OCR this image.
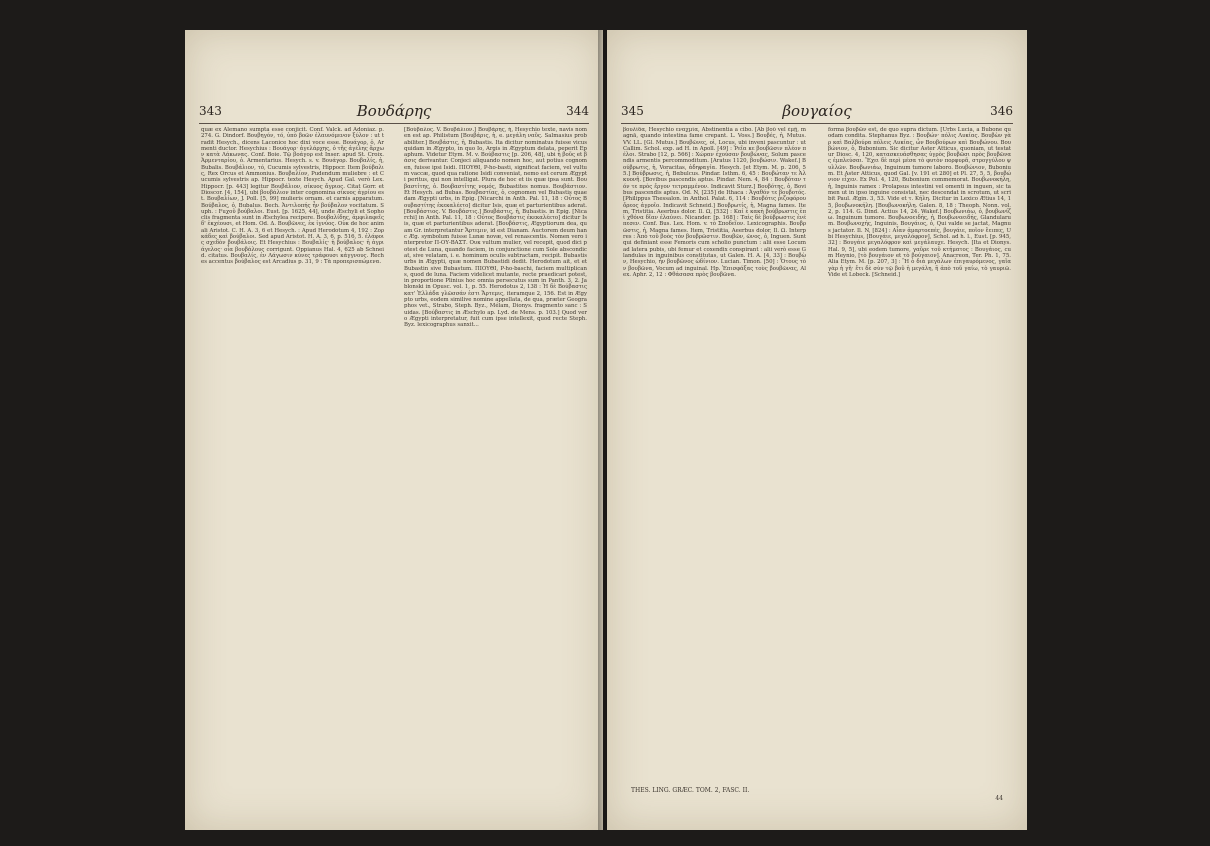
343	Βουδάρης	344
quæ ex Alemano sumpta esse conjicit. Conf. Valck. ad Adoniaz. p. 274. G. Dindorf. Βουβηγόν, τό, ὑπὸ βοῶν ἐλαυνόμενον ξύλον : ut tradit Hesych., dicens Laconice hoc dixi voce esse. Βουάγορ, ὁ, Armenti ductor. Hesychius : Βουάγορ· ἀγελάρχης, ὁ τῆς ἀγέλης ἄρχων κατὰ Λάκωνας. Conf. Boie. Τῷ βοάγορ est Inser. apud St. Croix. Ἀρμενταρίου, ὁ. Armentarius. Hesych. s. v. Βουάγορ. Βουβαλίς, ἡ, Bubalis. Βουβάλιον, τό, Cucumis sylvestris, Hippocr. Item βούβαλις, Rex Orcus et Ammonius. Βουβαλίον, Pudendum muliebre : et Cucumis sylvestris ap. Hippocr. texte Hesych. Apud Gal. verò Lex. Hippocr. [p. 443] legitur Βουβάλιον, σίκυος ἄγριος. Citat Gorr. et Dioscor. [4, 154], ubi βουβάλιον inter cognomina σίκυος ἀγρίου est. Βουβαλίων, J. Poll. [5, 99] mulieris ornam. et carnis apparatum. Βούβαλος, ὁ, Bubalus. Bech. Ἀντιλοπής ἦν βούβαλον vocitatum. Suph. : Fuχοῦ βούβαλοι. Eust. [p. 1625, 44], unde Æschyli et Sophoclis fragmenta sunt in Æschylea recipere. Βουβαλίδης, ἀμφιλαφεῖς δ' ἐκχέουσι, et Hom. Od. Δ. Βουβῶνες, ἐκ ἰγνύος. Οὐκ de hoc animali Aristot. C. H. A. 3, 6 et Hesych. : Apud Herodotum 4, 192 : Ζορκάδες καὶ βούβαλοι. Sed apud Aristot. H. A. 3, 6, p. 516, 5. ἐλάφοις σχεδὸν βουβάλοις. Et Hesychius : Βουβαλίς· ἡ βούβαλος· ἡ ἀγριάγελος· οἷα βουβάλους corrigunt. Oppianus Hal. 4, 625 ab Schneid. citatus. Βουβαλίς, ἐν Λάγωσιν κύνες τράφουσι κάγγνους. Reches accentus βούβαλος est Arcadius p. 31, 9 : Τὰ προπερισπώμενα.
[Βούβαλος. V. Βουβάλιον.] Βουβάρης, ἡ, Hesychio texte, navis nomen est ap. Philistum [Βουβάρις, ἡ, e. μεγάλη ναῦς. Salmasius probabiliter.] Βουβάστις, ἡ, Bubastis. Ita dicitur nominatus fuisse vicus quidam in Ægypto, in quo Io, Argis in Ægyptum delata, peperit Epaphum. Videtur Etym. M. v. Βούβαστις [p. 206, 48], ubi ἡ βοῦς et βάσις derivantur. Conjeci aliquando nomen hoc, aut potius cognomen, fuisse ipsi Isidi. ΠΙΟΥΘΙ, P-ho-basti, significat faciem, vel vultum vaccæ, quod qua ratione Isidi conveniat, nemo est cerum Ægypti peritus, qui non intelligat. Plura de hoc et iis quæ ipsa sunt. Βουβαστίτης, ὁ. Βουβαστίτης νομός, Bubastites nomus. Βουβάστιον. Et Hesych. ad Bubas. Βουβαστίας, ὁ, cognomen vel Bubastis quaedam Ægypti urbs, in Epig. [Nicarchi in Anth. Pal. 11, 18 : Οὗτος Βουβαστίτης ἐκεκαλέετο] dicitur Isis, quæ et parturientibus aderat. [Βουβάστιος. V. Βουβάστις.] Βουβάστις, ἡ, Bubastis. in Epig. [Nicarchi] in Anth. Pal. 11, 18 : Οὗτος Βουβάστις ἐκεκαλέετο] dicitur Isis, quæ et parturientibus aderat. [Βουβάστις, Ægyptiorum dea, quam Gr. interpretantur Ἄρτεμιν, id est Dianam. Auctorem deum hanc Æg. symbolum fuisse Lunæ novæ, vel renascentis. Nomen vero interpretor Π-ΟΥ-ΒΑΣΤ. Ουκ vultum mulier, vel recepit, quod dici potest de Luna, quando faciem, in conjunctione cum Sole abscondicat, sive velatam, i. e. hominum oculis subtractam, recipit. Bubastis urbs in Ægypti, quæ nomen Bubastidi dedit. Herodotum ait, et et Bubastin sive Bubastum. ΠΙΟΥΘΙ, P-ho-baschi, faciem multiplicans, quod de luna. Faciem videlicet mutante, recte praedicari potest, in proportione Plinius hoc omnia persecutus sum in Panth. 3, 2. Jablonski in Opusc. vol. 1, p. 55. Herodotus 2, 138 : Ἡ δὲ Βούβαστις κατ' Ἑλλάδα γλῶσσάν ἐστι Ἄρτεμις, iteramque 2, 156. Est in Ægypto urbs, eodem similive nomine appellata, de qua, præter Geographos vet., Strabo, Steph. Byz., Mélam, Dionys. fragmento sanc : Suidas. [Βούβαστις in Æschylo ap. Lyd. de Mens. p. 103.] Quod vero Ægypti interpretatur, fuit cum ipse intellexit, quod recte Steph. Byz. lexicographus sanxit...
345	βουγαίος	346
βουλίδα, Hesychio εναχμία, Abstinentia a cibo. [Ab βοῦ vel ἐμῇ, magnā, quando intestina fame crepant. L. Voss.] Βουβές, ἡ, Mutus. VV. LL. [Gl. Mutus.] Βουβῶνες, οἱ, Locus, ubi inveni pascuntur : ut Callim. Schol. exp. ad H. in Apoll. [49] : Ῥεῖα κε βουβῶσιν πλέον πέλοι. Strabo [12, p. 566] : Χώραν ἐχούσαν βουβώνας, Solum pascendis armentis percommoditum. [Aratus 1120, βουβώσιν. Wakef.] Βούβρωτις, ἡ, Voracitas, ἀδηφαγία. Hesych. [et Etym. M. p. 206, 55.] Βούβρωσις, ἡ, Βαbulcus. Pindar. Isthm. 6, 45 : Βουβώταν τε Ἀλκυονῆ. [Bovibus pascendis aptus. Pindar. Nem. 4, 84 : Βουβόταν τόν τε πρὸς ἔργον τετραμμένον. Indicavit Sturz.] Βουβότης, ὁ, Bovibus pascendis aptus. Od. N, [235] de Ithaca : Ἀγαθόν τε βουβοτός. [Philippus Thessalon. in Anthol. Palat. 6, 114 : Βουβότις ῥιζοφόρου ὄρεος ἀγροῖο. Indicavit Schneid.] Βουβρωτίς, ἡ, Magna fames. Item, Tristitia. Aeerbus dolor. Il. Ω, [532] : Καί ἑ κακὴ βούβρωστις ἐπὶ χθόνα δῖαν ἐλαύνει. Nicander. [p. 168] : Ταὶς δὲ βούβρωστις ἐνέπεσεν. Conf. Bus. Lex. Hom. v. τὸ Σποδεῖον. Lexicographis. Βουβρῶστις, ἡ, Magna fames. Item, Tristitia, Aeerbus dolor, Il. Ω. Interpres : Ἀπὸ τοῦ βοὸς τὸν βουβρῶστιν. Βουβῶν, ῶνος, ὁ, Inguen. Sunt qui definiant esse Femoris cum scholio punctum : alii esse Locum ad latera pubis, ubi femur et coxendix conspirant : alii verò esse Glandulas in inguinibus constitutas, ut Galen. H. A. [4, 33] : Βουβὼν, Hesychio, ἦν βουβῶνος ὠδίνιον. Lucian. Timon. [50] : Ὅτους τὸν βουβῶνα, Vocum ad inguinal. Hp. Ἐπισφάξας τοὺς βουβῶνας, Alex. Aphr. 2, 12 : Φθάσασα πρὸς βουβῶνα.
forma βουβῶν est, de quo supra dictum. [Urbs Lucia, a Bubone quodam condita. Stephanus Byz. : Βουβών· πόλις Λυκίας. Βουβὼν γὰρ καὶ Βαλβούρα πόλεις Λυκίας, ὧν Βουβούρων καὶ Βουβώνου. Βουβώνιον, ὁ, Bubonium. Sic dicitur Aster Atticus, quoniam, ut testatur Diosc. 4, 120, κατασκευάσθησας ὑγρὸς βουβῶσι πρὸς βουβῶνας ἐμπλεύσαι. Ἔχει δὲ περὶ μέσα τὸ φυτὸν πορφυρᾶ, στρογγύλου ψυλλῶν. Βουβωνιάω, Inguinum tumore laboro. Βουβώνιον, Bubonium. Et Aster Atticus, quod Gal. [v. 191 et 280] et Pl. 27, 5, 5, βουβώνιον εἶχεν. Ex Pol. 4, 120, Bubonium commemorat. Βουβωνοκήλη, ἡ, Inguinis ramex : Prolapsus intestini vel omenti in inguen, sic tamen ut in ipso inguine consistat, nec descendat in scrotum, ut scribit Paul. Ægin. 3, 53. Vide et τ. Κήλη. Dicitur in Lexico Ætius 14, 15, βουβωνοκήλη. [Βουβωνοκήλη. Galen. 8, 18 : Theoph. Nonn. vol. 2, p. 114. G. Dind. Actius 14, 24. Wakef.] Βουβωνιάω, ὁ, βουβωνίζω. Inguinum tumore. Βουβωνοειδής, ἡ, Βουβωνοειδής, Glandularum. Βουβωνοχής, Inguinis. Βουγάιος, ὁ, Qui valde se jactat, Magnus jactator. Il. N, [824] : Αἶαν ἁμαρτοεπές, βουγάιε, ποῖον ἔειπες, Ubi Hesychius, [Βουγάιε, μεγαλόφρον], Schol. ad h. l., Eust. [p. 945, 32] : Βουγάιε μεγαλόφρον καὶ μεγάλαυχε. Hesych. [Ita et Dionys. Hal. 9, 5], ubi eodem tumore, γαῦρε τοῦ κτήματος : Βουγάιος, cum Heynio, [τὸ βουγάιον et τὸ βούγαιον]. Anacreon, Ter. Ph. 1, 75. Alia Etym. M. [p. 207, 3] : Ἢ ὁ διὰ μεγάλων ἐπιγαυρόμενος, γαῖα γὰρ ἡ γῆ· ἔτι δὲ σὺν τῷ βοῦ ἡ μεγάλη, ἢ ἀπὸ τοῦ γαίω, τὸ γαυριῶ. Vide et Lobeck. [Schneid.]
THES. LING. GRÆC. TOM. 2, FASC. II.
44
